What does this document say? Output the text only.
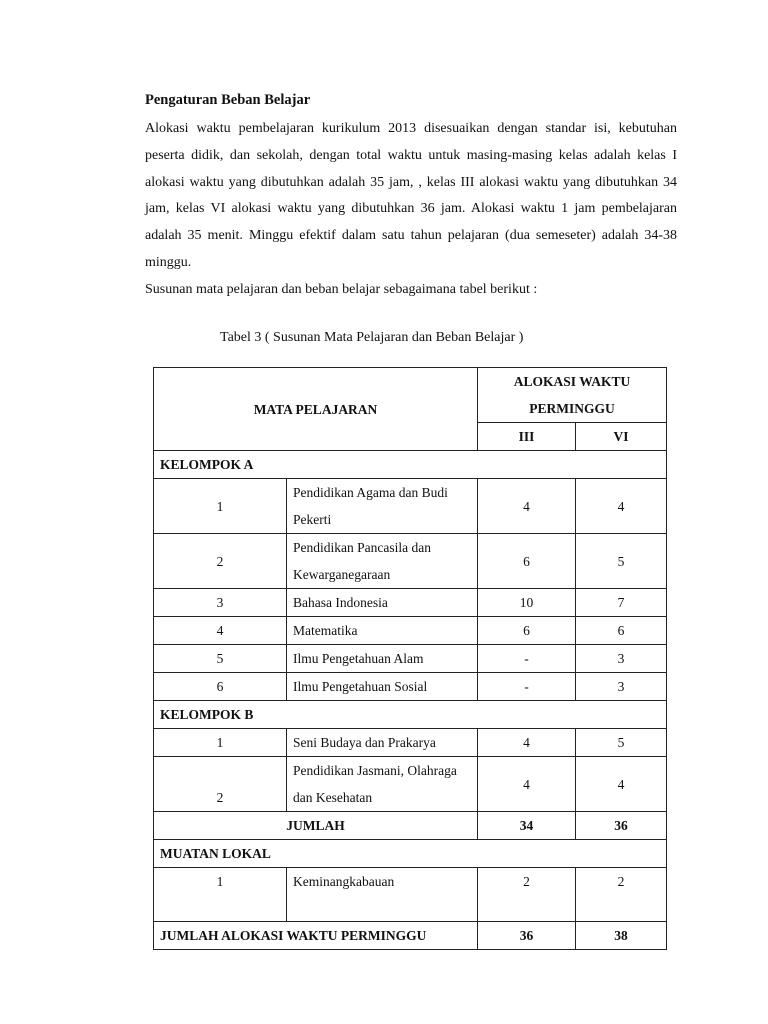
Pengaturan Beban Belajar
Alokasi waktu pembelajaran kurikulum 2013 disesuaikan dengan standar isi, kebutuhan peserta didik, dan sekolah, dengan total waktu untuk masing-masing kelas adalah kelas I alokasi waktu yang dibutuhkan adalah 35 jam, , kelas III alokasi waktu yang dibutuhkan 34 jam, kelas VI alokasi waktu yang dibutuhkan 36 jam. Alokasi waktu 1 jam pembelajaran adalah 35 menit. Minggu efektif dalam satu tahun pelajaran (dua semeseter) adalah 34-38 minggu.
Susunan mata pelajaran dan beban belajar sebagaimana tabel berikut :
Tabel 3 ( Susunan Mata Pelajaran dan Beban Belajar )
MATA PELAJARAN		ALOKASI WAKTU PERMINGGU	
		III	VI
KELOMPOK A			
1	Pendidikan Agama dan Budi Pekerti	4	4
2	Pendidikan Pancasila dan Kewarganegaraan	6	5
3	Bahasa Indonesia	10	7
4	Matematika	6	6
5	Ilmu Pengetahuan Alam	-	3
6	Ilmu Pengetahuan Sosial	-	3
KELOMPOK B			
1	Seni Budaya dan Prakarya	4	5
2	Pendidikan Jasmani, Olahraga dan Kesehatan	4	4
JUMLAH		34	36
MUATAN LOKAL			
1	Keminangkabauan	2	2
JUMLAH ALOKASI WAKTU PERMINGGU		36	38
